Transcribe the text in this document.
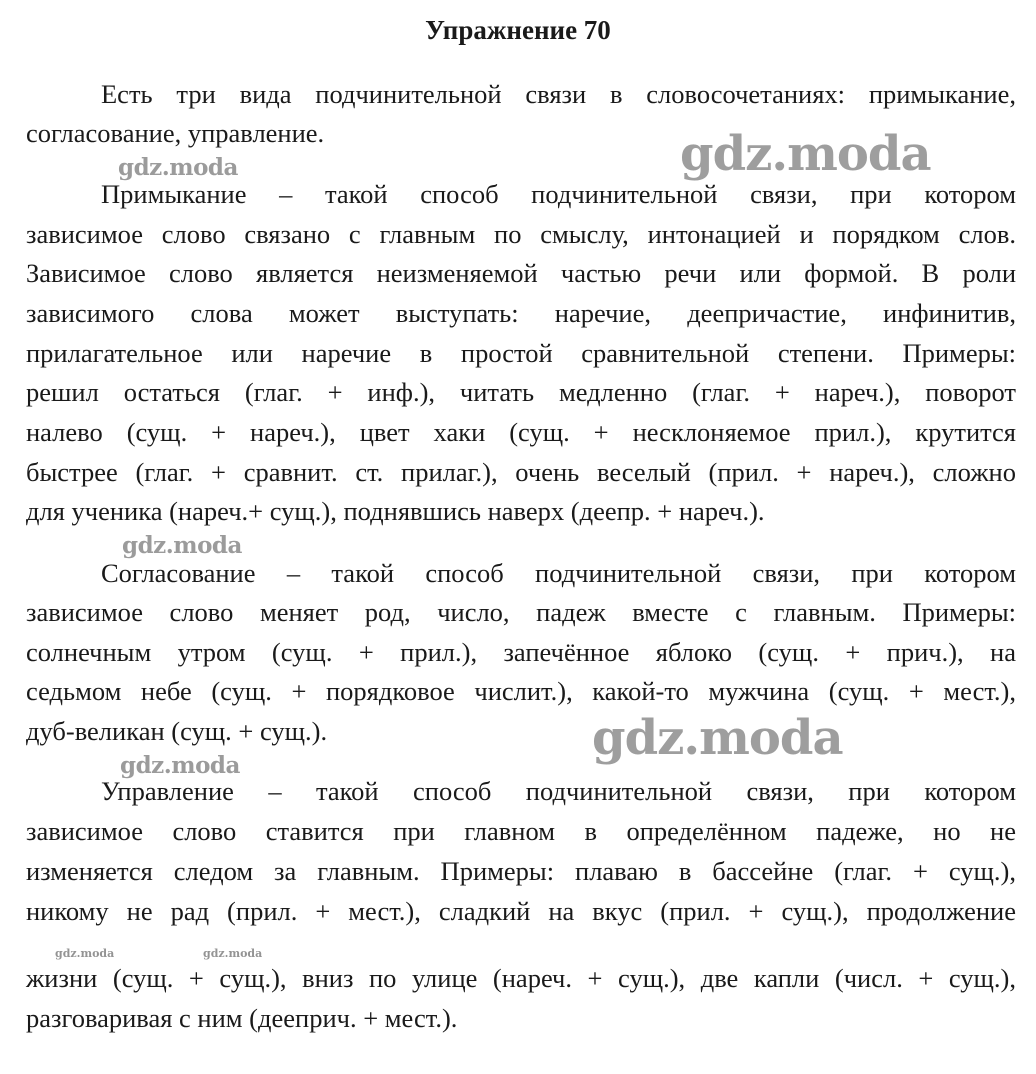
Упражнение 70
Есть три вида подчинительной связи в словосочетаниях: примыкание,
согласование, управление.
Примыкание – такой способ подчинительной связи, при котором
зависимое слово связано с главным по смыслу, интонацией и порядком слов.
Зависимое слово является неизменяемой частью речи или формой. В роли
зависимого слова может выступать: наречие, деепричастие, инфинитив,
прилагательное или наречие в простой сравнительной степени. Примеры:
решил остаться (глаг. + инф.), читать медленно (глаг. + нареч.), поворот
налево (сущ. + нареч.), цвет хаки (сущ. + несклоняемое прил.), крутится
быстрее (глаг. + сравнит. ст. прилаг.), очень веселый (прил. + нареч.), сложно
для ученика (нареч.+ сущ.), поднявшись наверх (деепр. + нареч.).
Согласование – такой способ подчинительной связи, при котором
зависимое слово меняет род, число, падеж вместе с главным. Примеры:
солнечным утром (сущ. + прил.), запечённое яблоко (сущ. + прич.), на
седьмом небе (сущ. + порядковое числит.), какой-то мужчина (сущ. + мест.),
дуб-великан (сущ. + сущ.).
Управление – такой способ подчинительной связи, при котором
зависимое слово ставится при главном в определённом падеже, но не
изменяется следом за главным. Примеры: плаваю в бассейне (глаг. + сущ.),
никому не рад (прил. + мест.), сладкий на вкус (прил. + сущ.), продолжение
жизни (сущ. + сущ.), вниз по улице (нареч. + сущ.), две капли (числ. + сущ.),
разговаривая с ним (дееприч. + мест.).
gdz.moda	gdz.moda
gdz.moda
gdz.moda
gdz.moda
gdz.moda	gdz.moda
